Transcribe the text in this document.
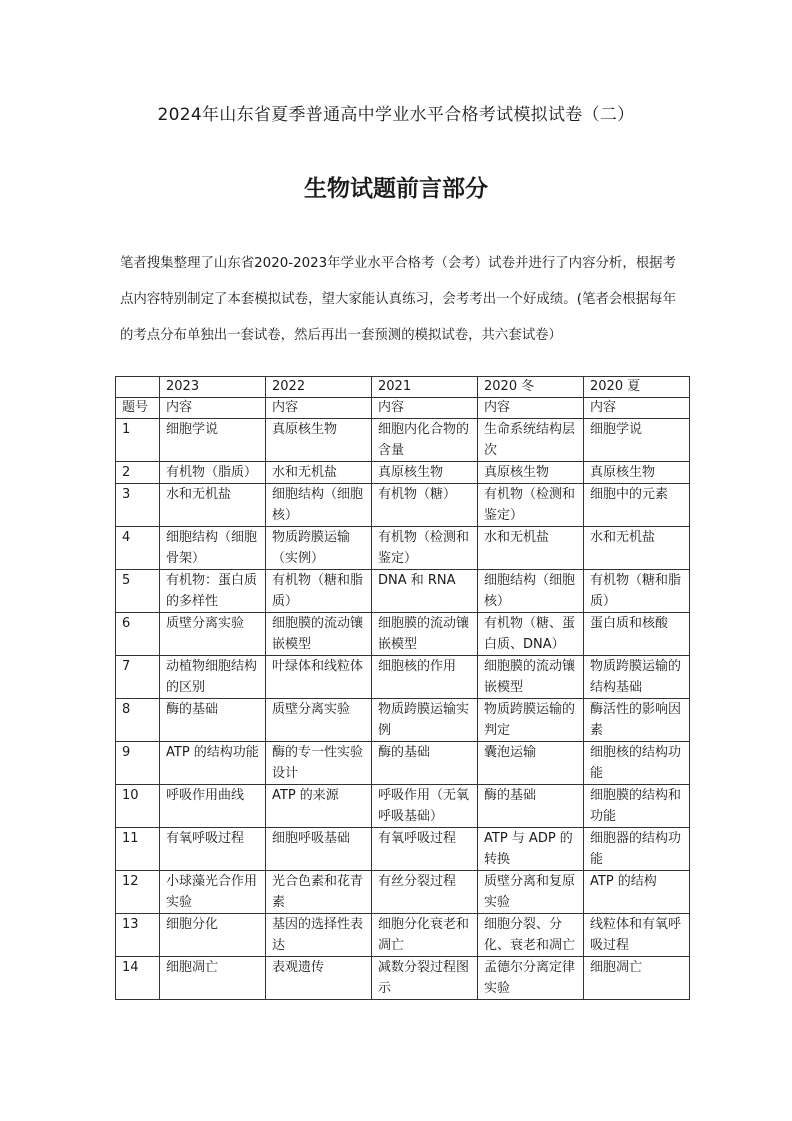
2024年山东省夏季普通高中学业水平合格考试模拟试卷（二）
生物试题前言部分

笔者搜集整理了山东省2020-2023年学业水平合格考（会考）试卷并进行了内容分析，根据考点内容特别制定了本套模拟试卷，望大家能认真练习，会考考出一个好成绩。(笔者会根据每年的考点分布单独出一套试卷，然后再出一套预测的模拟试卷，共六套试卷）

	2023	2022	2021	2020 冬	2020 夏
题号	内容	内容	内容	内容	内容
1	细胞学说	真原核生物	细胞内化合物的含量	生命系统结构层次	细胞学说
2	有机物（脂质）	水和无机盐	真原核生物	真原核生物	真原核生物
3	水和无机盐	细胞结构（细胞核）	有机物（糖）	有机物（检测和鉴定）	细胞中的元素
4	细胞结构（细胞骨架）	物质跨膜运输（实例）	有机物（检测和鉴定）	水和无机盐	水和无机盐
5	有机物：蛋白质的多样性	有机物（糖和脂质）	DNA 和 RNA	细胞结构（细胞核）	有机物（糖和脂质）
6	质壁分离实验	细胞膜的流动镶嵌模型	细胞膜的流动镶嵌模型	有机物（糖、蛋白质、DNA）	蛋白质和核酸
7	动植物细胞结构的区别	叶绿体和线粒体	细胞核的作用	细胞膜的流动镶嵌模型	物质跨膜运输的结构基础
8	酶的基础	质壁分离实验	物质跨膜运输实例	物质跨膜运输的判定	酶活性的影响因素
9	ATP 的结构功能	酶的专一性实验设计	酶的基础	囊泡运输	细胞核的结构功能
10	呼吸作用曲线	ATP 的来源	呼吸作用（无氧呼吸基础）	酶的基础	细胞膜的结构和功能
11	有氧呼吸过程	细胞呼吸基础	有氧呼吸过程	ATP 与 ADP 的转换	细胞器的结构功能
12	小球藻光合作用实验	光合色素和花青素	有丝分裂过程	质壁分离和复原实验	ATP 的结构
13	细胞分化	基因的选择性表达	细胞分化衰老和凋亡	细胞分裂、分化、衰老和凋亡	线粒体和有氧呼吸过程
14	细胞凋亡	表观遗传	减数分裂过程图示	孟德尔分离定律实验	细胞凋亡
